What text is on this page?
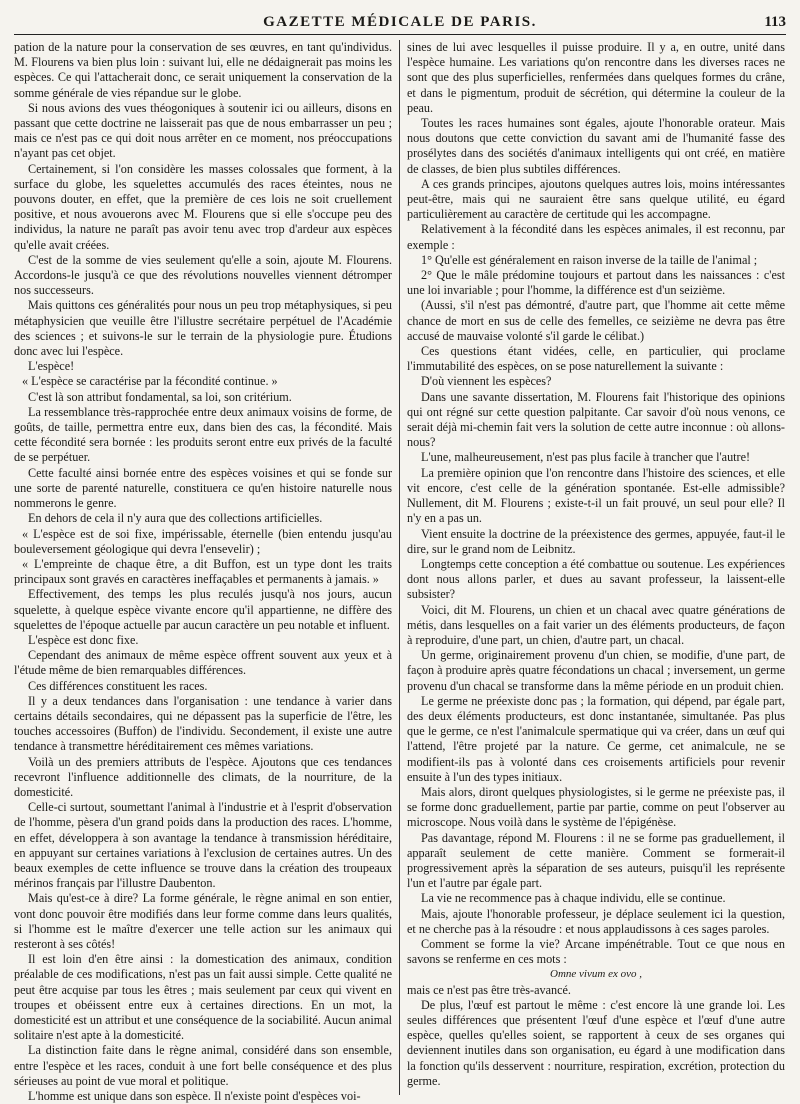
GAZETTE MÉDICALE DE PARIS.	113

pation de la nature pour la conservation de ses œuvres, en tant qu'individus. M. Flourens va bien plus loin : suivant lui, elle ne dédaignerait pas moins les espèces. Ce qui l'attacherait donc, ce serait uniquement la conservation de la somme générale de vies répandue sur le globe.

Si nous avions des vues théogoniques à soutenir ici ou ailleurs, disons en passant que cette doctrine ne laisserait pas que de nous embarrasser un peu ; mais ce n'est pas ce qui doit nous arrêter en ce moment, nos préoccupations n'ayant pas cet objet.

Certainement, si l'on considère les masses colossales que forment, à la surface du globe, les squelettes accumulés des races éteintes, nous ne pouvons douter, en effet, que la première de ces lois ne soit cruellement positive, et nous avouerons avec M. Flourens que si elle s'occupe peu des individus, la nature ne paraît pas avoir tenu avec trop d'ardeur aux espèces qu'elle avait créées.

C'est de la somme de vies seulement qu'elle a soin, ajoute M. Flourens. Accordons-le jusqu'à ce que des révolutions nouvelles viennent détromper nos successeurs.

Mais quittons ces généralités pour nous un peu trop métaphysiques, si peu métaphysicien que veuille être l'illustre secrétaire perpétuel de l'Académie des sciences ; et suivons-le sur le terrain de la physiologie pure. Étudions donc avec lui l'espèce.

L'espèce!

« L'espèce se caractérise par la fécondité continue. »

C'est là son attribut fondamental, sa loi, son critérium.

La ressemblance très-rapprochée entre deux animaux voisins de forme, de goûts, de taille, permettra entre eux, dans bien des cas, la fécondité. Mais cette fécondité sera bornée : les produits seront entre eux privés de la faculté de se perpétuer.

Cette faculté ainsi bornée entre des espèces voisines et qui se fonde sur une sorte de parenté naturelle, constituera ce qu'en histoire naturelle nous nommerons le genre.

En dehors de cela il n'y aura que des collections artificielles.

« L'espèce est de soi fixe, impérissable, éternelle (bien entendu jusqu'au bouleversement géologique qui devra l'ensevelir) ;

« L'empreinte de chaque être, a dit Buffon, est un type dont les traits principaux sont gravés en caractères ineffaçables et permanents à jamais. »

Effectivement, des temps les plus reculés jusqu'à nos jours, aucun squelette, à quelque espèce vivante encore qu'il appartienne, ne diffère des squelettes de l'époque actuelle par aucun caractère un peu notable et influent.

L'espèce est donc fixe.

Cependant des animaux de même espèce offrent souvent aux yeux et à l'étude même de bien remarquables différences.

Ces différences constituent les races.

Il y a deux tendances dans l'organisation : une tendance à varier dans certains détails secondaires, qui ne dépassent pas la superficie de l'être, les touches accessoires (Buffon) de l'individu. Secondement, il existe une autre tendance à transmettre héréditairement ces mêmes variations.

Voilà un des premiers attributs de l'espèce. Ajoutons que ces tendances recevront l'influence additionnelle des climats, de la nourriture, de la domesticité.

Celle-ci surtout, soumettant l'animal à l'industrie et à l'esprit d'observation de l'homme, pèsera d'un grand poids dans la production des races. L'homme, en effet, développera à son avantage la tendance à transmission héréditaire, en appuyant sur certaines variations à l'exclusion de certaines autres. Un des beaux exemples de cette influence se trouve dans la création des troupeaux mérinos français par l'illustre Daubenton.

Mais qu'est-ce à dire? La forme générale, le règne animal en son entier, vont donc pouvoir être modifiés dans leur forme comme dans leurs qualités, si l'homme est le maître d'exercer une telle action sur les animaux qui resteront à ses côtés!

Il est loin d'en être ainsi : la domestication des animaux, condition préalable de ces modifications, n'est pas un fait aussi simple. Cette qualité ne peut être acquise par tous les êtres ; mais seulement par ceux qui vivent en troupes et obéissent entre eux à certaines directions. En un mot, la domesticité est un attribut et une conséquence de la sociabilité. Aucun animal solitaire n'est apte à la domesticité.

La distinction faite dans le règne animal, considéré dans son ensemble, entre l'espèce et les races, conduit à une fort belle conséquence et des plus sérieuses au point de vue moral et politique.

L'homme est unique dans son espèce. Il n'existe point d'espèces voi-

sines de lui avec lesquelles il puisse produire. Il y a, en outre, unité dans l'espèce humaine. Les variations qu'on rencontre dans les diverses races ne sont que des plus superficielles, renfermées dans quelques formes du crâne, et dans le pigmentum, produit de sécrétion, qui détermine la couleur de la peau.

Toutes les races humaines sont égales, ajoute l'honorable orateur. Mais nous doutons que cette conviction du savant ami de l'humanité fasse des prosélytes dans des sociétés d'animaux intelligents qui ont créé, en matière de classes, de bien plus subtiles différences.

A ces grands principes, ajoutons quelques autres lois, moins intéressantes peut-être, mais qui ne sauraient être sans quelque utilité, eu égard particulièrement au caractère de certitude qui les accompagne.

Relativement à la fécondité dans les espèces animales, il est reconnu, par exemple :

1° Qu'elle est généralement en raison inverse de la taille de l'animal ;

2° Que le mâle prédomine toujours et partout dans les naissances : c'est une loi invariable ; pour l'homme, la différence est d'un seizième.

(Aussi, s'il n'est pas démontré, d'autre part, que l'homme ait cette même chance de mort en sus de celle des femelles, ce seizième ne devra pas être accusé de mauvaise volonté s'il garde le célibat.)

Ces questions étant vidées, celle, en particulier, qui proclame l'immutabilité des espèces, on se pose naturellement la suivante :

D'où viennent les espèces?

Dans une savante dissertation, M. Flourens fait l'historique des opinions qui ont régné sur cette question palpitante. Car savoir d'où nous venons, ce serait déjà mi-chemin fait vers la solution de cette autre inconnue : où allons-nous?

L'une, malheureusement, n'est pas plus facile à trancher que l'autre!

La première opinion que l'on rencontre dans l'histoire des sciences, et elle vit encore, c'est celle de la génération spontanée. Est-elle admissible? Nullement, dit M. Flourens ; existe-t-il un fait prouvé, un seul pour elle? Il n'y en a pas un.

Vient ensuite la doctrine de la préexistence des germes, appuyée, faut-il le dire, sur le grand nom de Leibnitz.

Longtemps cette conception a été combattue ou soutenue. Les expériences dont nous allons parler, et dues au savant professeur, la laissent-elle subsister?

Voici, dit M. Flourens, un chien et un chacal avec quatre générations de métis, dans lesquelles on a fait varier un des éléments producteurs, de façon à reproduire, d'une part, un chien, d'autre part, un chacal.

Un germe, originairement provenu d'un chien, se modifie, d'une part, de façon à produire après quatre fécondations un chacal ; inversement, un germe provenu d'un chacal se transforme dans la même période en un produit chien.

Le germe ne préexiste donc pas ; la formation, qui dépend, par égale part, des deux éléments producteurs, est donc instantanée, simultanée. Pas plus que le germe, ce n'est l'animalcule spermatique qui va créer, dans un œuf qui l'attend, l'être projeté par la nature. Ce germe, cet animalcule, ne se modifient-ils pas à volonté dans ces croisements artificiels pour revenir ensuite à l'un des types initiaux.

Mais alors, diront quelques physiologistes, si le germe ne préexiste pas, il se forme donc graduellement, partie par partie, comme on peut l'observer au microscope. Nous voilà dans le système de l'épigénèse.

Pas davantage, répond M. Flourens : il ne se forme pas graduellement, il apparaît seulement de cette manière. Comment se formerait-il progressivement après la séparation de ses auteurs, puisqu'il les représente l'un et l'autre par égale part.

La vie ne recommence pas à chaque individu, elle se continue.

Mais, ajoute l'honorable professeur, je déplace seulement ici la question, et ne cherche pas à la résoudre : et nous applaudissons à ces sages paroles.

Comment se forme la vie? Arcane impénétrable. Tout ce que nous en savons se renferme en ces mots :

Omne vivum ex ovo ,

mais ce n'est pas être très-avancé.

De plus, l'œuf est partout le même : c'est encore là une grande loi. Les seules différences que présentent l'œuf d'une espèce et l'œuf d'une autre espèce, quelles qu'elles soient, se rapportent à ceux de ses organes qui deviennent inutiles dans son organisation, eu égard à une modification dans la fonction qu'ils desservent : nourriture, respiration, excrétion, protection du germe.
